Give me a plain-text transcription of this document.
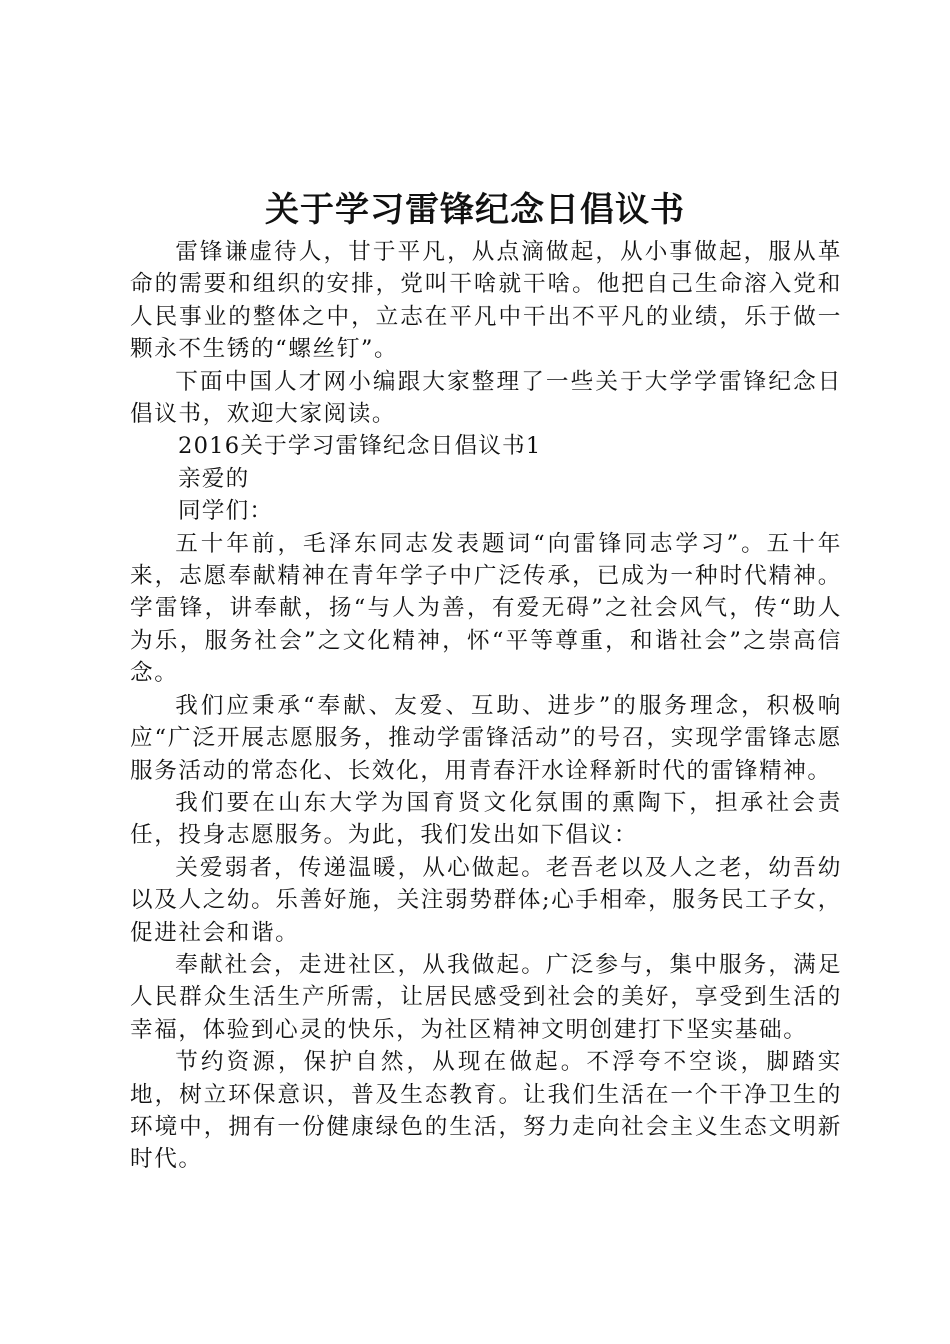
关于学习雷锋纪念日倡议书

雷锋谦虚待人，甘于平凡，从点滴做起，从小事做起，服从革命的需要和组织的安排，党叫干啥就干啥。他把自己生命溶入党和人民事业的整体之中，立志在平凡中干出不平凡的业绩，乐于做一颗永不生锈的“螺丝钉”。

下面中国人才网小编跟大家整理了一些关于大学学雷锋纪念日倡议书，欢迎大家阅读。

2016关于学习雷锋纪念日倡议书1

亲爱的

同学们：

五十年前，毛泽东同志发表题词“向雷锋同志学习”。五十年来，志愿奉献精神在青年学子中广泛传承，已成为一种时代精神。学雷锋，讲奉献，扬“与人为善，有爱无碍”之社会风气，传“助人为乐，服务社会”之文化精神，怀“平等尊重，和谐社会”之崇高信念。

我们应秉承“奉献、友爱、互助、进步”的服务理念，积极响应“广泛开展志愿服务，推动学雷锋活动”的号召，实现学雷锋志愿服务活动的常态化、长效化，用青春汗水诠释新时代的雷锋精神。

我们要在山东大学为国育贤文化氛围的熏陶下，担承社会责任，投身志愿服务。为此，我们发出如下倡议：

关爱弱者，传递温暖，从心做起。老吾老以及人之老，幼吾幼以及人之幼。乐善好施，关注弱势群体;心手相牵，服务民工子女，促进社会和谐。

奉献社会，走进社区，从我做起。广泛参与，集中服务，满足人民群众生活生产所需，让居民感受到社会的美好，享受到生活的幸福，体验到心灵的快乐，为社区精神文明创建打下坚实基础。

节约资源，保护自然，从现在做起。不浮夸不空谈，脚踏实地，树立环保意识，普及生态教育。让我们生活在一个干净卫生的环境中，拥有一份健康绿色的生活，努力走向社会主义生态文明新时代。
